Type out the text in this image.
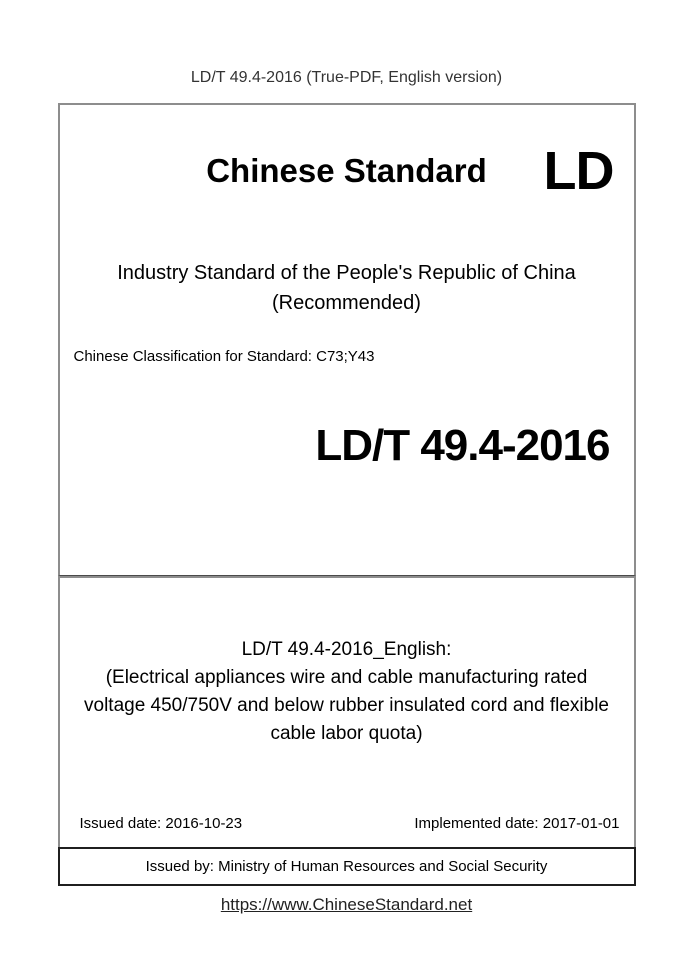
LD/T 49.4-2016 (True-PDF, English version)
Chinese Standard	LD
Industry Standard of the People's Republic of China
(Recommended)
Chinese Classification for Standard: C73;Y43
LD/T 49.4-2016
LD/T 49.4-2016_English:
(Electrical appliances wire and cable manufacturing rated voltage 450/750V and below rubber insulated cord and flexible cable labor quota)
Issued date: 2016-10-23	Implemented date: 2017-01-01
Issued by: Ministry of Human Resources and Social Security
https://www.ChineseStandard.net
